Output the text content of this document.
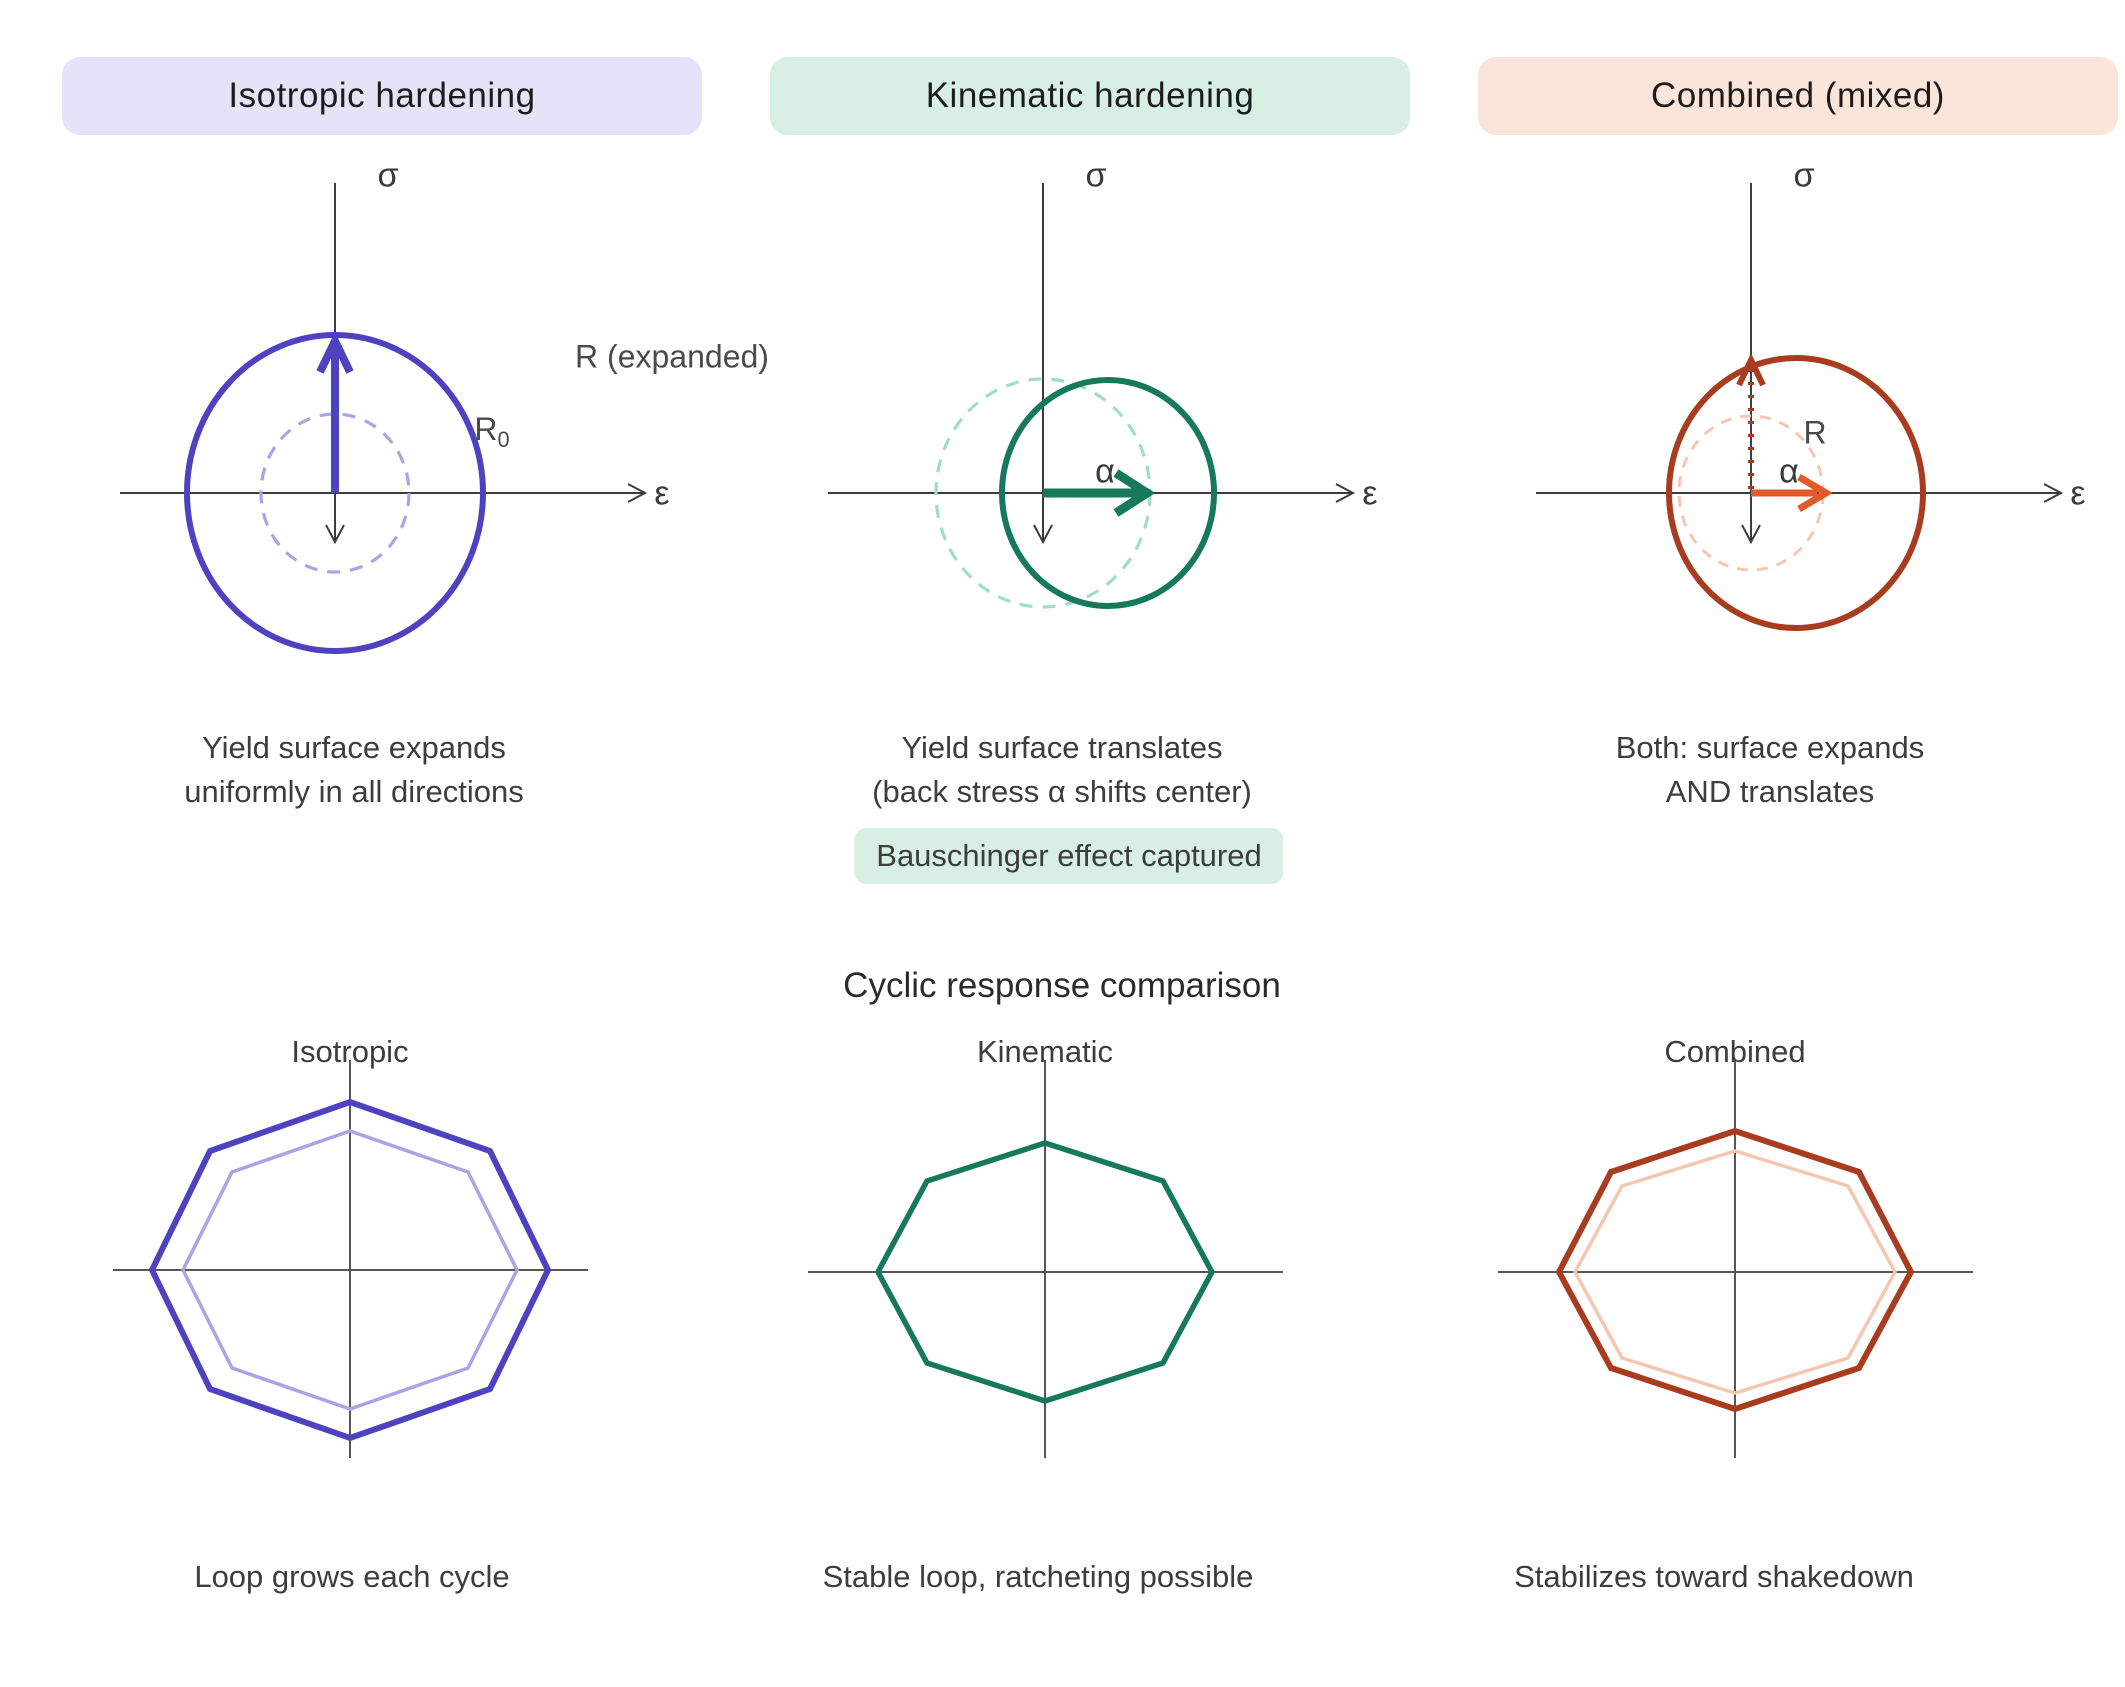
Isotropic hardening	Kinematic hardening	Combined (mixed)
σ
ε
R (expanded)
$R_0$
Yield surface expands
uniformly in all directions
σ
ε
α
Yield surface translates
(back stress α shifts center)
Bauschinger effect captured
σ
ε
R
α
Both: surface expands
AND translates
Cyclic response comparison
Isotropic	Kinematic	Combined
Loop grows each cycle	Stable loop, ratcheting possible	Stabilizes toward shakedown
